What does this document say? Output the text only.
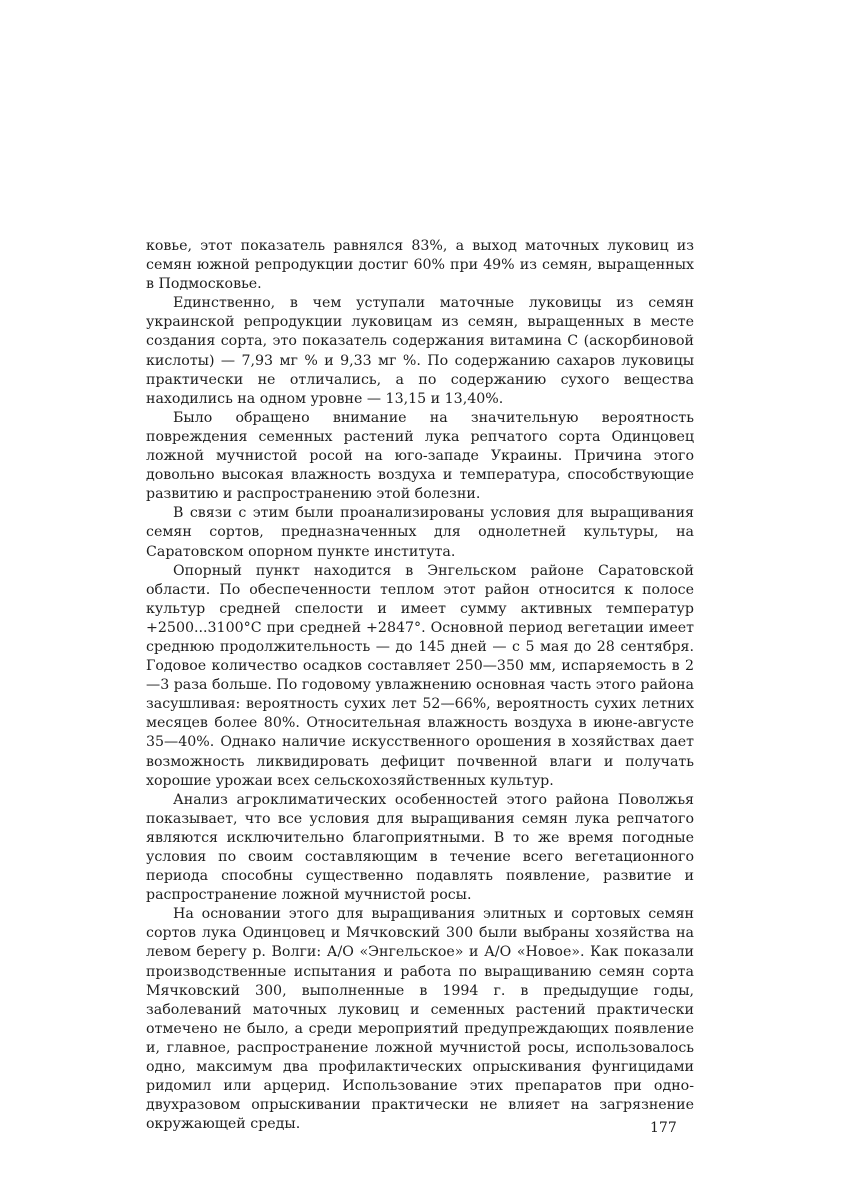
ковье, этот показатель равнялся 83%, а выход маточных луковиц из семян южной репродукции достиг 60% при 49% из семян, выращенных в Подмосковье.

Единственно, в чем уступали маточные луковицы из семян украинской репродукции луковицам из семян, выращенных в месте создания сорта, это показатель содержания витамина С (аскорбиновой кислоты) — 7,93 мг % и 9,33 мг %. По содержанию сахаров луковицы практически не отличались, а по содержанию сухого вещества находились на одном уровне — 13,15 и 13,40%.

Было обращено внимание на значительную вероятность повреждения семенных растений лука репчатого сорта Одинцовец ложной мучнистой росой на юго-западе Украины. Причина этого довольно высокая влажность воздуха и температура, способствующие развитию и распространению этой болезни.

В связи с этим были проанализированы условия для выращивания семян сортов, предназначенных для однолетней культуры, на Саратовском опорном пункте института.

Опорный пункт находится в Энгельском районе Саратовской области. По обеспеченности теплом этот район относится к полосе культур средней спелости и имеет сумму активных температур +2500...3100°С при средней +2847°. Основной период вегетации имеет среднюю продолжительность — до 145 дней — с 5 мая до 28 сентября. Годовое количество осадков составляет 250—350 мм, испаряемость в 2—3 раза больше. По годовому увлажнению основная часть этого района засушливая: вероятность сухих лет 52—66%, вероятность сухих летних месяцев более 80%. Относительная влажность воздуха в июне-августе 35—40%. Однако наличие искусственного орошения в хозяйствах дает возможность ликвидировать дефицит почвенной влаги и получать хорошие урожаи всех сельскохозяйственных культур.

Анализ агроклиматических особенностей этого района Поволжья показывает, что все условия для выращивания семян лука репчатого являются исключительно благоприятными. В то же время погодные условия по своим составляющим в течение всего вегетационного периода способны существенно подавлять появление, развитие и распространение ложной мучнистой росы.

На основании этого для выращивания элитных и сортовых семян сортов лука Одинцовец и Мячковский 300 были выбраны хозяйства на левом берегу р. Волги: А/О «Энгельское» и А/О «Новое». Как показали производственные испытания и работа по выращиванию семян сорта Мячковский 300, выполненные в 1994 г. в предыдущие годы, заболеваний маточных луковиц и семенных растений практически отмечено не было, а среди мероприятий предупреждающих появление и, главное, распространение ложной мучнистой росы, использовалось одно, максимум два профилактических опрыскивания фунгицидами ридомил или арцерид. Использование этих препаратов при одно-двухразовом опрыскивании практически не влияет на загрязнение окружающей среды.	177
